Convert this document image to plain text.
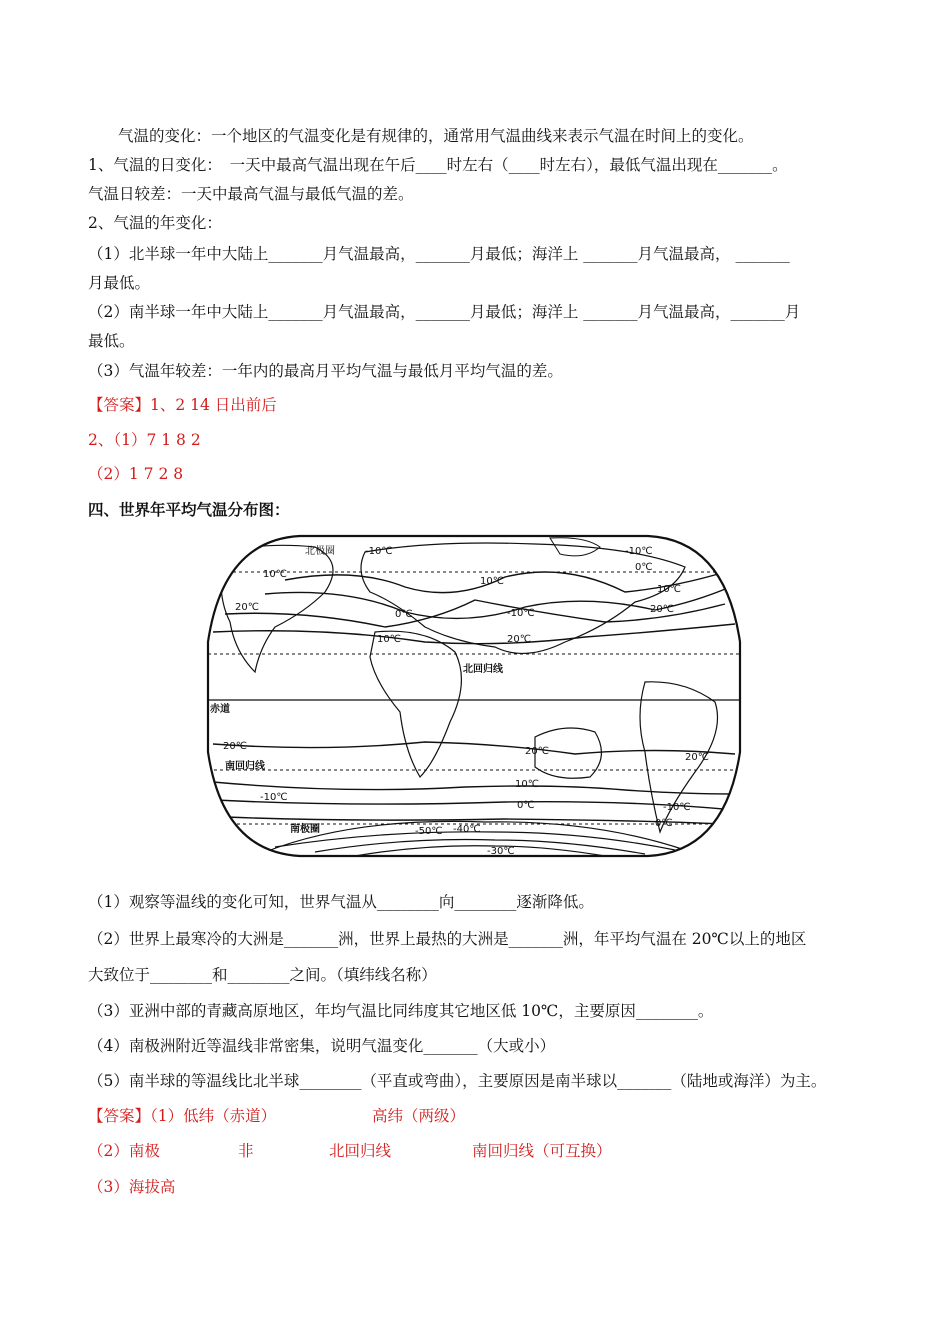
气温的变化：一个地区的气温变化是有规律的，通常用气温曲线来表示气温在时间上的变化。
1、气温的日变化：　一天中最高气温出现在午后____时左右（____时左右），最低气温出现在_______。
气温日较差：一天中最高气温与最低气温的差。
2、气温的年变化：
（1）北半球一年中大陆上_______月气温最高，_______月最低；海洋上 _______月气温最高， _______
月最低。
（2）南半球一年中大陆上_______月气温最高，_______月最低；海洋上 _______月气温最高，_______月
最低。
（3）气温年较差：一年内的最高月平均气温与最低月平均气温的差。
【答案】1、2 14 日出前后
2、（1）7 1 8 2
（2）1 7 2 8
四、世界年平均气温分布图：
北极圈	-10℃
10℃
20℃
10℃
0℃
10℃
-10℃
20℃
-10℃
0℃
10℃
20℃
北回归线
赤道
20℃
南回归线
20℃
20℃
10℃
-10℃
0℃	-10℃
0℃
南极圈	-50℃ -40℃
-30℃
（1）观察等温线的变化可知，世界气温从________向________逐渐降低。
（2）世界上最寒冷的大洲是_______洲，世界上最热的大洲是_______洲，年平均气温在 20℃以上的地区
大致位于________和________之间。（填纬线名称）
（3）亚洲中部的青藏高原地区，年均气温比同纬度其它地区低 10℃，主要原因________。
（4）南极洲附近等温线非常密集，说明气温变化_______（大或小）
（5）南半球的等温线比北半球________（平直或弯曲），主要原因是南半球以_______（陆地或海洋）为主。
【答案】（1）低纬（赤道）	高纬（两级）
（2）南极	非	北回归线	南回归线（可互换）
（3）海拔高
